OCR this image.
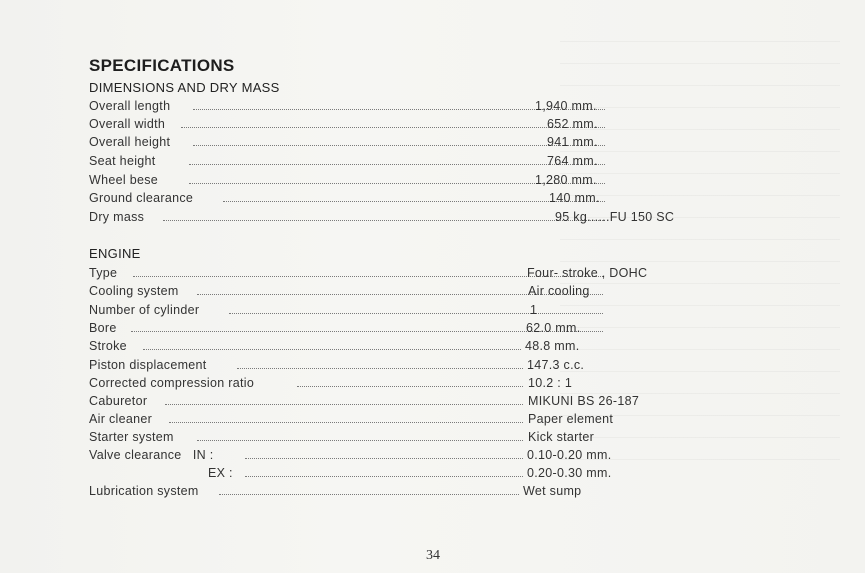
SPECIFICATIONS
DIMENSIONS AND DRY MASS
Overall length	1,940 mm.
Overall width	652 mm.
Overall height	941 mm.
Seat height	764 mm.
Wheel bese	1,280 mm.
Ground clearance	140 mm.
Dry mass	95 kg......FU 150 SC
ENGINE
Type	Four- stroke , DOHC
Cooling system	Air cooling
Number of cylinder	1
Bore	62.0 mm.
Stroke	48.8 mm.
Piston displacement	147.3 c.c.
Corrected compression ratio	10.2 : 1
Caburetor	MIKUNI BS 26-187
Air cleaner	Paper element
Starter system	Kick starter
Valve clearance   IN :	0.10-0.20 mm.
EX :	0.20-0.30 mm.
Lubrication system	Wet sump
34
